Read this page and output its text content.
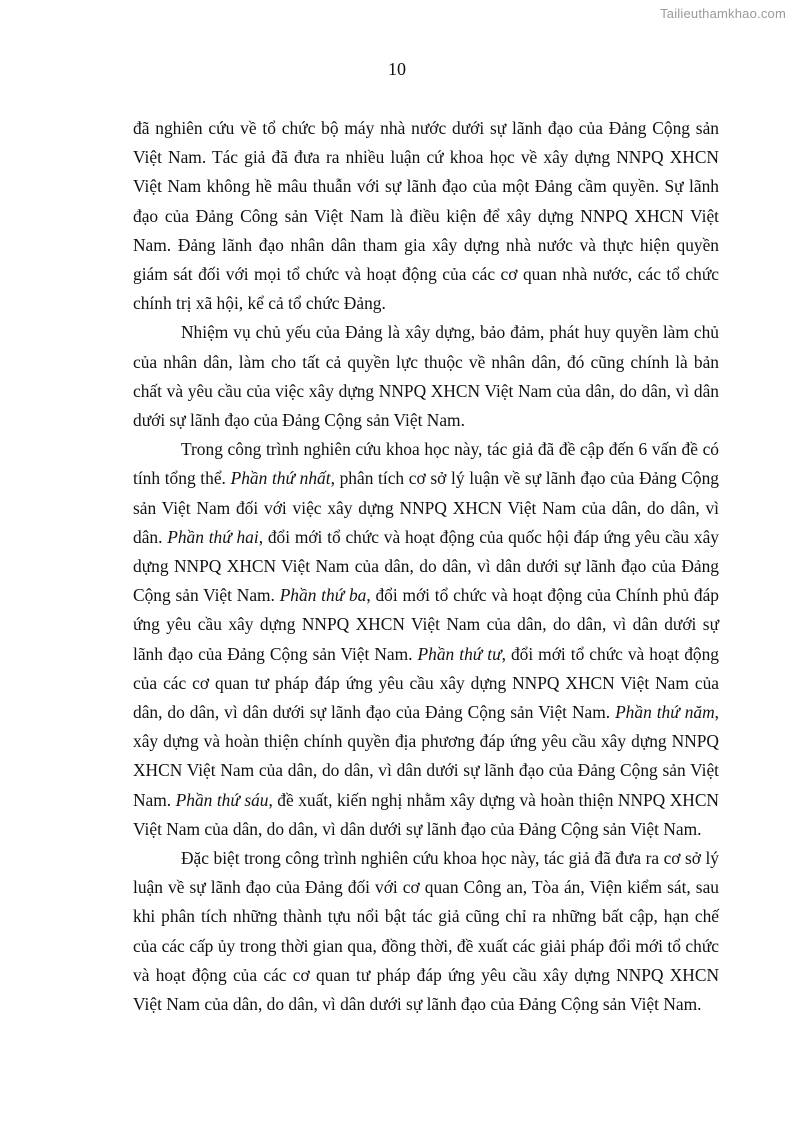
Tailieuthamkhao.com
10

đã nghiên cứu về tổ chức bộ máy nhà nước dưới sự lãnh đạo của Đảng Cộng sản Việt Nam. Tác giả đã đưa ra nhiều luận cứ khoa học về xây dựng NNPQ XHCN Việt Nam không hề mâu thuẫn với sự lãnh đạo của một Đảng cầm quyền. Sự lãnh đạo của Đảng Công sản Việt Nam là điều kiện để xây dựng NNPQ XHCN Việt Nam. Đảng lãnh đạo nhân dân tham gia xây dựng nhà nước và thực hiện quyền giám sát đối với mọi tổ chức và hoạt động của các cơ quan nhà nước, các tổ chức chính trị xã hội, kể cả tổ chức Đảng.

Nhiệm vụ chủ yếu của Đảng là xây dựng, bảo đảm, phát huy quyền làm chủ của nhân dân, làm cho tất cả quyền lực thuộc về nhân dân, đó cũng chính là bản chất và yêu cầu của việc xây dựng NNPQ XHCN Việt Nam của dân, do dân, vì dân dưới sự lãnh đạo của Đảng Cộng sản Việt Nam.

Trong công trình nghiên cứu khoa học này, tác giả đã đề cập đến 6 vấn đề có tính tổng thể. Phần thứ nhất, phân tích cơ sở lý luận về sự lãnh đạo của Đảng Cộng sản Việt Nam đối với việc xây dựng NNPQ XHCN Việt Nam của dân, do dân, vì dân. Phần thứ hai, đổi mới tổ chức và hoạt động của quốc hội đáp ứng yêu cầu xây dựng NNPQ XHCN Việt Nam của dân, do dân, vì dân dưới sự lãnh đạo của Đảng Cộng sản Việt Nam. Phần thứ ba, đổi mới tổ chức và hoạt động của Chính phủ đáp ứng yêu cầu xây dựng NNPQ XHCN Việt Nam của dân, do dân, vì dân dưới sự lãnh đạo của Đảng Cộng sản Việt Nam. Phần thứ tư, đổi mới tổ chức và hoạt động của các cơ quan tư pháp đáp ứng yêu cầu xây dựng NNPQ XHCN Việt Nam của dân, do dân, vì dân dưới sự lãnh đạo của Đảng Cộng sản Việt Nam. Phần thứ năm, xây dựng và hoàn thiện chính quyền địa phương đáp ứng yêu cầu xây dựng NNPQ XHCN Việt Nam của dân, do dân, vì dân dưới sự lãnh đạo của Đảng Cộng sản Việt Nam. Phần thứ sáu, đề xuất, kiến nghị nhằm xây dựng và hoàn thiện NNPQ XHCN Việt Nam của dân, do dân, vì dân dưới sự lãnh đạo của Đảng Cộng sản Việt Nam.

Đặc biệt trong công trình nghiên cứu khoa học này, tác giả đã đưa ra cơ sở lý luận về sự lãnh đạo của Đảng đối với cơ quan Công an, Tòa án, Viện kiểm sát, sau khi phân tích những thành tựu nổi bật tác giả cũng chỉ ra những bất cập, hạn chế của các cấp ủy trong thời gian qua, đồng thời, đề xuất các giải pháp đổi mới tổ chức và hoạt động của các cơ quan tư pháp đáp ứng yêu cầu xây dựng NNPQ XHCN Việt Nam của dân, do dân, vì dân dưới sự lãnh đạo của Đảng Cộng sản Việt Nam.
